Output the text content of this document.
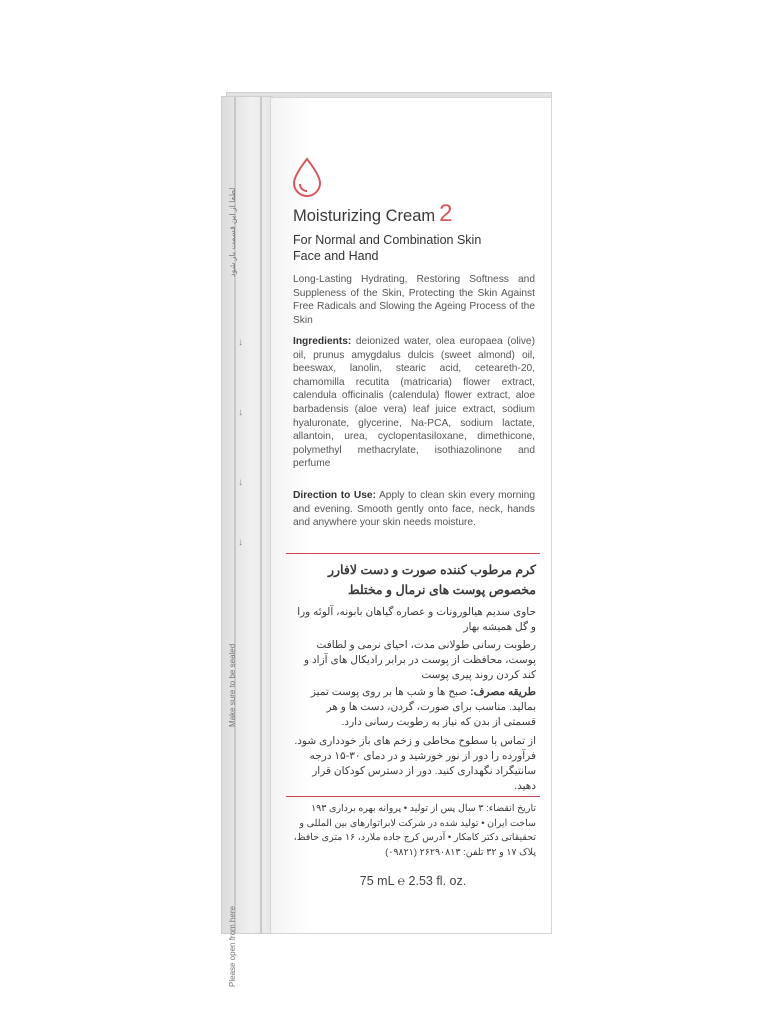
لطفا از این قسمت باز شود
↓
↓
↓
↓
Make sure to be sealed
Please open from here
Moisturizing Cream 2
For Normal and Combination Skin
Face and Hand
Long-Lasting Hydrating, Restoring Softness and Suppleness of the Skin, Protecting the Skin Against Free Radicals and Slowing the Ageing Process of the Skin
Ingredients: deionized water, olea europaea (olive) oil, prunus amygdalus dulcis (sweet almond) oil, beeswax, lanolin, stearic acid, ceteareth-20, chamomilla recutita (matricaria) flower extract, calendula officinalis (calendula) flower extract, aloe barbadensis (aloe vera) leaf juice extract, sodium hyaluronate, glycerine, Na-PCA, sodium lactate, allantoin, urea, cyclopentasiloxane, dimethicone, polymethyl methacrylate, isothiazolinone and perfume
Direction to Use: Apply to clean skin every morning and evening. Smooth gently onto face, neck, hands and anywhere your skin needs moisture.
کرم مرطوب کننده صورت و دست لافارر
مخصوص پوست های نرمال و مختلط
حاوی سدیم هیالورونات و عصاره گیاهان بابونه، آلوئه ورا و گل همیشه بهار
رطوبت رسانی طولانی مدت، احیای نرمی و لطافت پوست، محافظت از پوست در برابر رادیکال های آزاد و کند کردن روند پیری پوست
طریقه مصرف: صبح ها و شب ها بر روی پوست تمیز بمالید. مناسب برای صورت، گردن، دست ها و هر قسمتی از بدن که نیاز به رطوبت رسانی دارد.
از تماس با سطوح مخاطی و زخم های باز خودداری شود. فرآورده را دور از نور خورشید و در دمای ۳۰-۱۵ درجه سانتیگراد نگهداری کنید. دور از دسترس کودکان قرار دهید.
تاریخ انقضاء: ۳ سال پس از تولید • پروانه بهره برداری ۱۹۳ ساخت ایران • تولید شده در شرکت لابراتوارهای بین المللی و تحقیقاتی دکتر کامکار • آدرس کرج جاده ملارد، ۱۶ متری حافظ، پلاک ۱۷ و ۳۲ تلفن: ۲۶۲۹۰۸۱۳ (۰۹۸۲۱)
75 mL ℮ 2.53 fl. oz.
